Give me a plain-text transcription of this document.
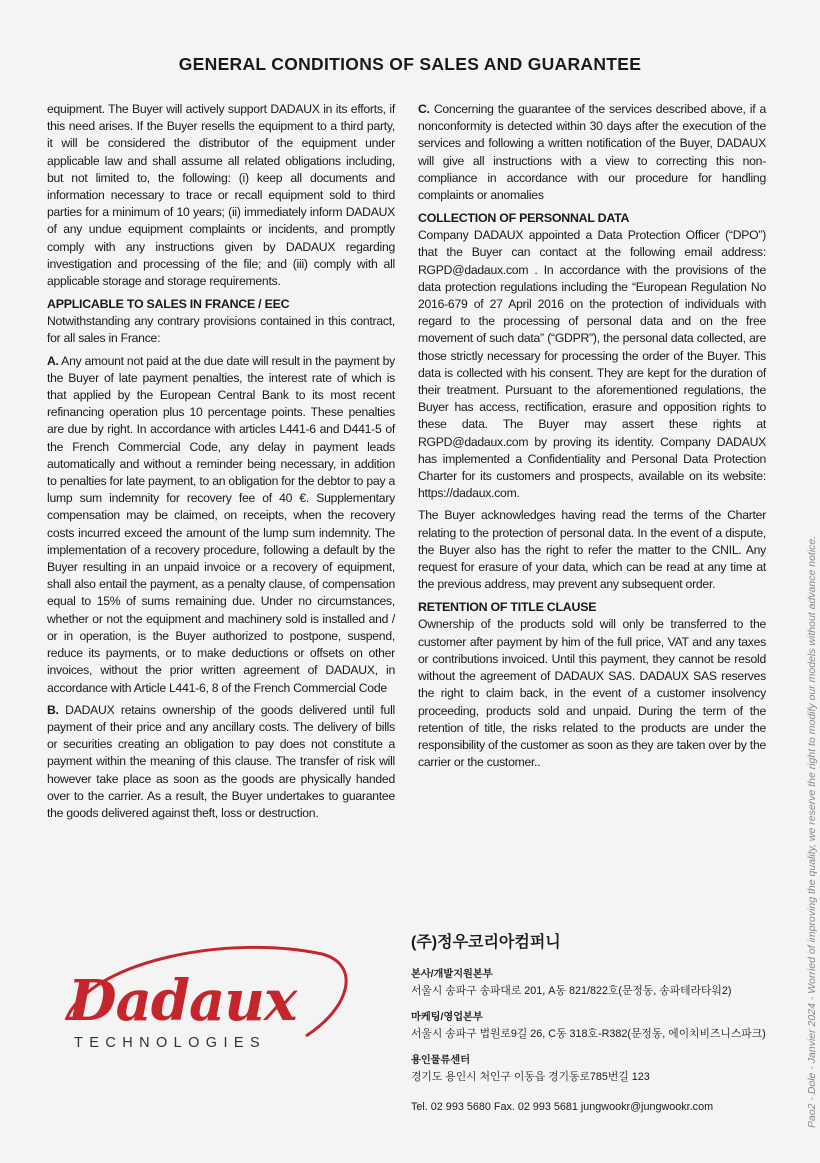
GENERAL CONDITIONS OF SALES AND GUARANTEE

equipment. The Buyer will actively support DADAUX in its efforts, if this need arises. If the Buyer resells the equipment to a third party, it will be considered the distributor of the equipment under applicable law and shall assume all related obligations including, but not limited to, the following: (i) keep all documents and information necessary to trace or recall equipment sold to third parties for a minimum of 10 years; (ii) immediately inform DADAUX of any undue equipment complaints or incidents, and promptly comply with any instructions given by DADAUX regarding investigation and processing of the file; and (iii) comply with all applicable storage and storage requirements.

APPLICABLE TO SALES IN FRANCE / EEC

Notwithstanding any contrary provisions contained in this contract, for all sales in France:

A. Any amount not paid at the due date will result in the payment by the Buyer of late payment penalties, the interest rate of which is that applied by the European Central Bank to its most recent refinancing operation plus 10 percentage points. These penalties are due by right. In accordance with articles L441-6 and D441-5 of the French Commercial Code, any delay in payment leads automatically and without a reminder being necessary, in addition to penalties for late payment, to an obligation for the debtor to pay a lump sum indemnity for recovery fee of 40 €. Supplementary compensation may be claimed, on receipts, when the recovery costs incurred exceed the amount of the lump sum indemnity. The implementation of a recovery procedure, following a default by the Buyer resulting in an unpaid invoice or a recovery of equipment, shall also entail the payment, as a penalty clause, of compensation equal to 15% of sums remaining due. Under no circumstances, whether or not the equipment and machinery sold is installed and / or in operation, is the Buyer authorized to postpone, suspend, reduce its payments, or to make deductions or offsets on other invoices, without the prior written agreement of DADAUX, in accordance with Article L441-6, 8 of the French Commercial Code

B. DADAUX retains ownership of the goods delivered until full payment of their price and any ancillary costs. The delivery of bills or securities creating an obligation to pay does not constitute a payment within the meaning of this clause. The transfer of risk will however take place as soon as the goods are physically handed over to the carrier. As a result, the Buyer undertakes to guarantee the goods delivered against theft, loss or destruction.

C. Concerning the guarantee of the services described above, if a nonconformity is detected within 30 days after the execution of the services and following a written notification of the Buyer, DADAUX will give all instructions with a view to correcting this non-compliance in accordance with our procedure for handling complaints or anomalies

COLLECTION OF PERSONNAL DATA

Company DADAUX appointed a Data Protection Officer (“DPO”) that the Buyer can contact at the following email address: RGPD@dadaux.com . In accordance with the provisions of the data protection regulations including the “European Regulation No 2016-679 of 27 April 2016 on the protection of individuals with regard to the processing of personal data and on the free movement of such data” (“GDPR”), the personal data collected, are those strictly necessary for processing the order of the Buyer. This data is collected with his consent. They are kept for the duration of their treatment. Pursuant to the aforementioned regulations, the Buyer has access, rectification, erasure and opposition rights to these data. The Buyer may assert these rights at RGPD@dadaux.com by proving its identity. Company DADAUX has implemented a Confidentiality and Personal Data Protection Charter for its customers and prospects, available on its website: https://dadaux.com.

The Buyer acknowledges having read the terms of the Charter relating to the protection of personal data. In the event of a dispute, the Buyer also has the right to refer the matter to the CNIL. Any request for erasure of your data, which can be read at any time at the previous address, may prevent any subsequent order.

RETENTION OF TITLE CLAUSE

Ownership of the products sold will only be transferred to the customer after payment by him of the full price, VAT and any taxes or contributions invoiced. Until this payment, they cannot be resold without the agreement of DADAUX SAS. DADAUX SAS reserves the right to claim back, in the event of a customer insolvency proceeding, products sold and unpaid. During the term of the retention of title, the risks related to the products are under the responsibility of the customer as soon as they are taken over by the carrier or the customer..

Dadaux
TECHNOLOGIES
(주)정우코리아컴퍼니
본사/개발지원본부
서울시 송파구 송파대로 201, A동 821/822호(문정동, 송파테라타워2)
마케팅/영업본부
서울시 송파구 법원로9길 26, C동 318호-R382(문정동, 에이치비즈니스파크)
용인물류센터
경기도 용인시 처인구 이동읍 경기동로785번길 123
Tel. 02 993 5680 Fax. 02 993 5681 jungwookr@jungwookr.com	Pao2 - Dole - Janvier 2024 - Worried of improving the quality, we reserve the right to modify our models without advance notice.
